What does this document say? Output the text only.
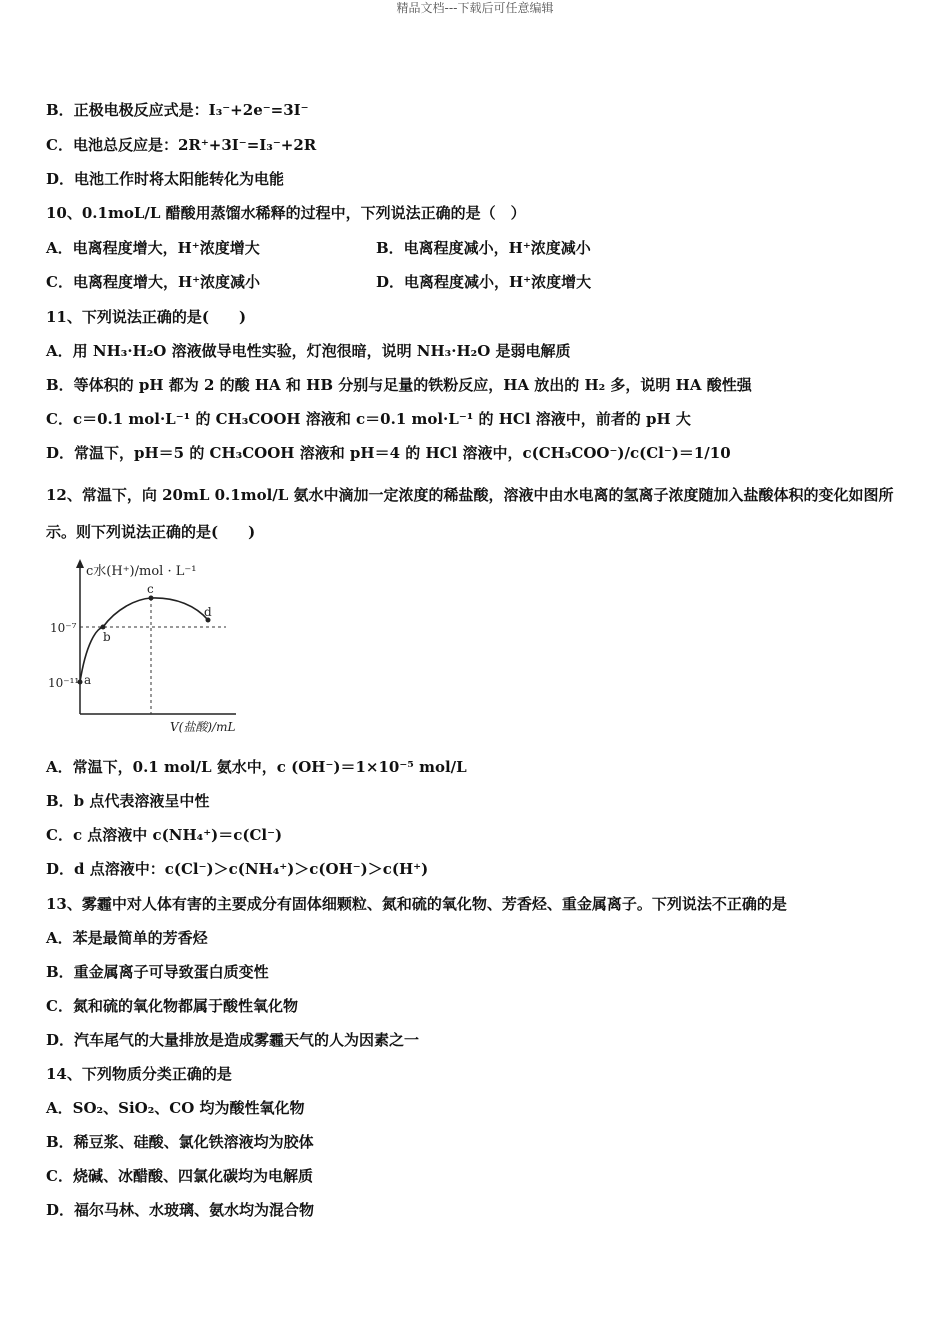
精品文档---下载后可任意编辑
B．正极电极反应式是：I₃⁻+2e⁻=3I⁻
C．电池总反应是：2R⁺+3I⁻=I₃⁻+2R
D．电池工作时将太阳能转化为电能
10、0.1moL/L 醋酸用蒸馏水稀释的过程中，下列说法正确的是（　）
A．电离程度增大，H⁺浓度增大	B．电离程度减小，H⁺浓度减小
C．电离程度增大，H⁺浓度减小	D．电离程度减小，H⁺浓度增大
11、下列说法正确的是(　　)
A．用 NH₃·H₂O 溶液做导电性实验，灯泡很暗，说明 NH₃·H₂O 是弱电解质
B．等体积的 pH 都为 2 的酸 HA 和 HB 分别与足量的铁粉反应，HA 放出的 H₂ 多，说明 HA 酸性强
C．c＝0.1 mol·L⁻¹ 的 CH₃COOH 溶液和 c＝0.1 mol·L⁻¹ 的 HCl 溶液中，前者的 pH 大
D．常温下，pH＝5 的 CH₃COOH 溶液和 pH＝4 的 HCl 溶液中，c(CH₃COO⁻)/c(Cl⁻)＝1/10
12、常温下，向 20mL 0.1mol/L 氨水中滴加一定浓度的稀盐酸，溶液中由水电离的氢离子浓度随加入盐酸体积的变化如图所示。则下列说法正确的是(　　)
c水(H⁺)/mol · L⁻¹
10⁻⁷
10⁻¹¹ a
b
c
d
V(盐酸)/mL
A．常温下，0.1 mol/L 氨水中，c (OH⁻)＝1×10⁻⁵ mol/L
B．b 点代表溶液呈中性
C．c 点溶液中 c(NH₄⁺)＝c(Cl⁻)
D．d 点溶液中：c(Cl⁻)＞c(NH₄⁺)＞c(OH⁻)＞c(H⁺)
13、雾霾中对人体有害的主要成分有固体细颗粒、氮和硫的氧化物、芳香烃、重金属离子。下列说法不正确的是
A．苯是最简单的芳香烃
B．重金属离子可导致蛋白质变性
C．氮和硫的氧化物都属于酸性氧化物
D．汽车尾气的大量排放是造成雾霾天气的人为因素之一
14、下列物质分类正确的是
A．SO₂、SiO₂、CO 均为酸性氧化物
B．稀豆浆、硅酸、氯化铁溶液均为胶体
C．烧碱、冰醋酸、四氯化碳均为电解质
D．福尔马林、水玻璃、氨水均为混合物
